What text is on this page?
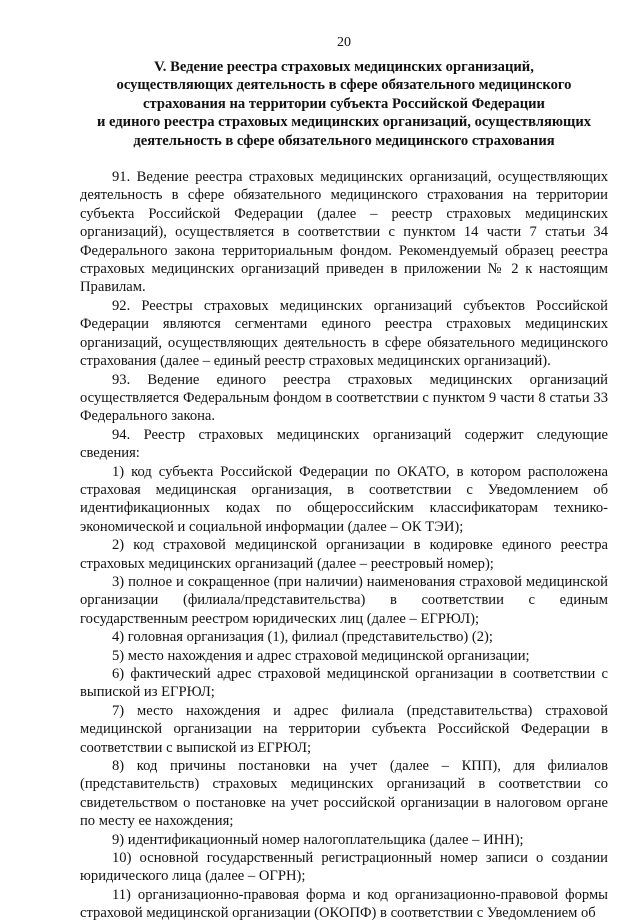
20
V. Ведение реестра страховых медицинских организаций,
осуществляющих деятельность в сфере обязательного медицинского
страхования на территории субъекта Российской Федерации
и единого реестра страховых медицинских организаций, осуществляющих
деятельность в сфере обязательного медицинского страхования

91. Ведение реестра страховых медицинских организаций, осуществляющих деятельность в сфере обязательного медицинского страхования на территории субъекта Российской Федерации (далее – реестр страховых медицинских организаций), осуществляется в соответствии с пунктом 14 части 7 статьи 34 Федерального закона территориальным фондом. Рекомендуемый образец реестра страховых медицинских организаций приведен в приложении № 2 к настоящим Правилам.

92. Реестры страховых медицинских организаций субъектов Российской Федерации являются сегментами единого реестра страховых медицинских организаций, осуществляющих деятельность в сфере обязательного медицинского страхования (далее – единый реестр страховых медицинских организаций).

93. Ведение единого реестра страховых медицинских организаций осуществляется Федеральным фондом в соответствии с пунктом 9 части 8 статьи 33 Федерального закона.

94. Реестр страховых медицинских организаций содержит следующие сведения:

1) код субъекта Российской Федерации по ОКАТО, в котором расположена страховая медицинская организация, в соответствии с Уведомлением об идентификационных кодах по общероссийским классификаторам технико-экономической и социальной информации (далее – ОК ТЭИ);

2) код страховой медицинской организации в кодировке единого реестра страховых медицинских организаций (далее – реестровый номер);

3) полное и сокращенное (при наличии) наименования страховой медицинской организации (филиала/представительства) в соответствии с единым государственным реестром юридических лиц (далее – ЕГРЮЛ);

4) головная организация (1), филиал (представительство) (2);

5) место нахождения и адрес страховой медицинской организации;

6) фактический адрес страховой медицинской организации в соответствии с выпиской из ЕГРЮЛ;

7) место нахождения и адрес филиала (представительства) страховой медицинской организации на территории субъекта Российской Федерации в соответствии с выпиской из ЕГРЮЛ;

8) код причины постановки на учет (далее – КПП), для филиалов (представительств) страховых медицинских организаций в соответствии со свидетельством о постановке на учет российской организации в налоговом органе по месту ее нахождения;

9) идентификационный номер налогоплательщика (далее – ИНН);

10) основной государственный регистрационный номер записи о создании юридического лица (далее – ОГРН);

11) организационно-правовая форма и код организационно-правовой формы страховой медицинской организации (ОКОПФ) в соответствии с Уведомлением об
